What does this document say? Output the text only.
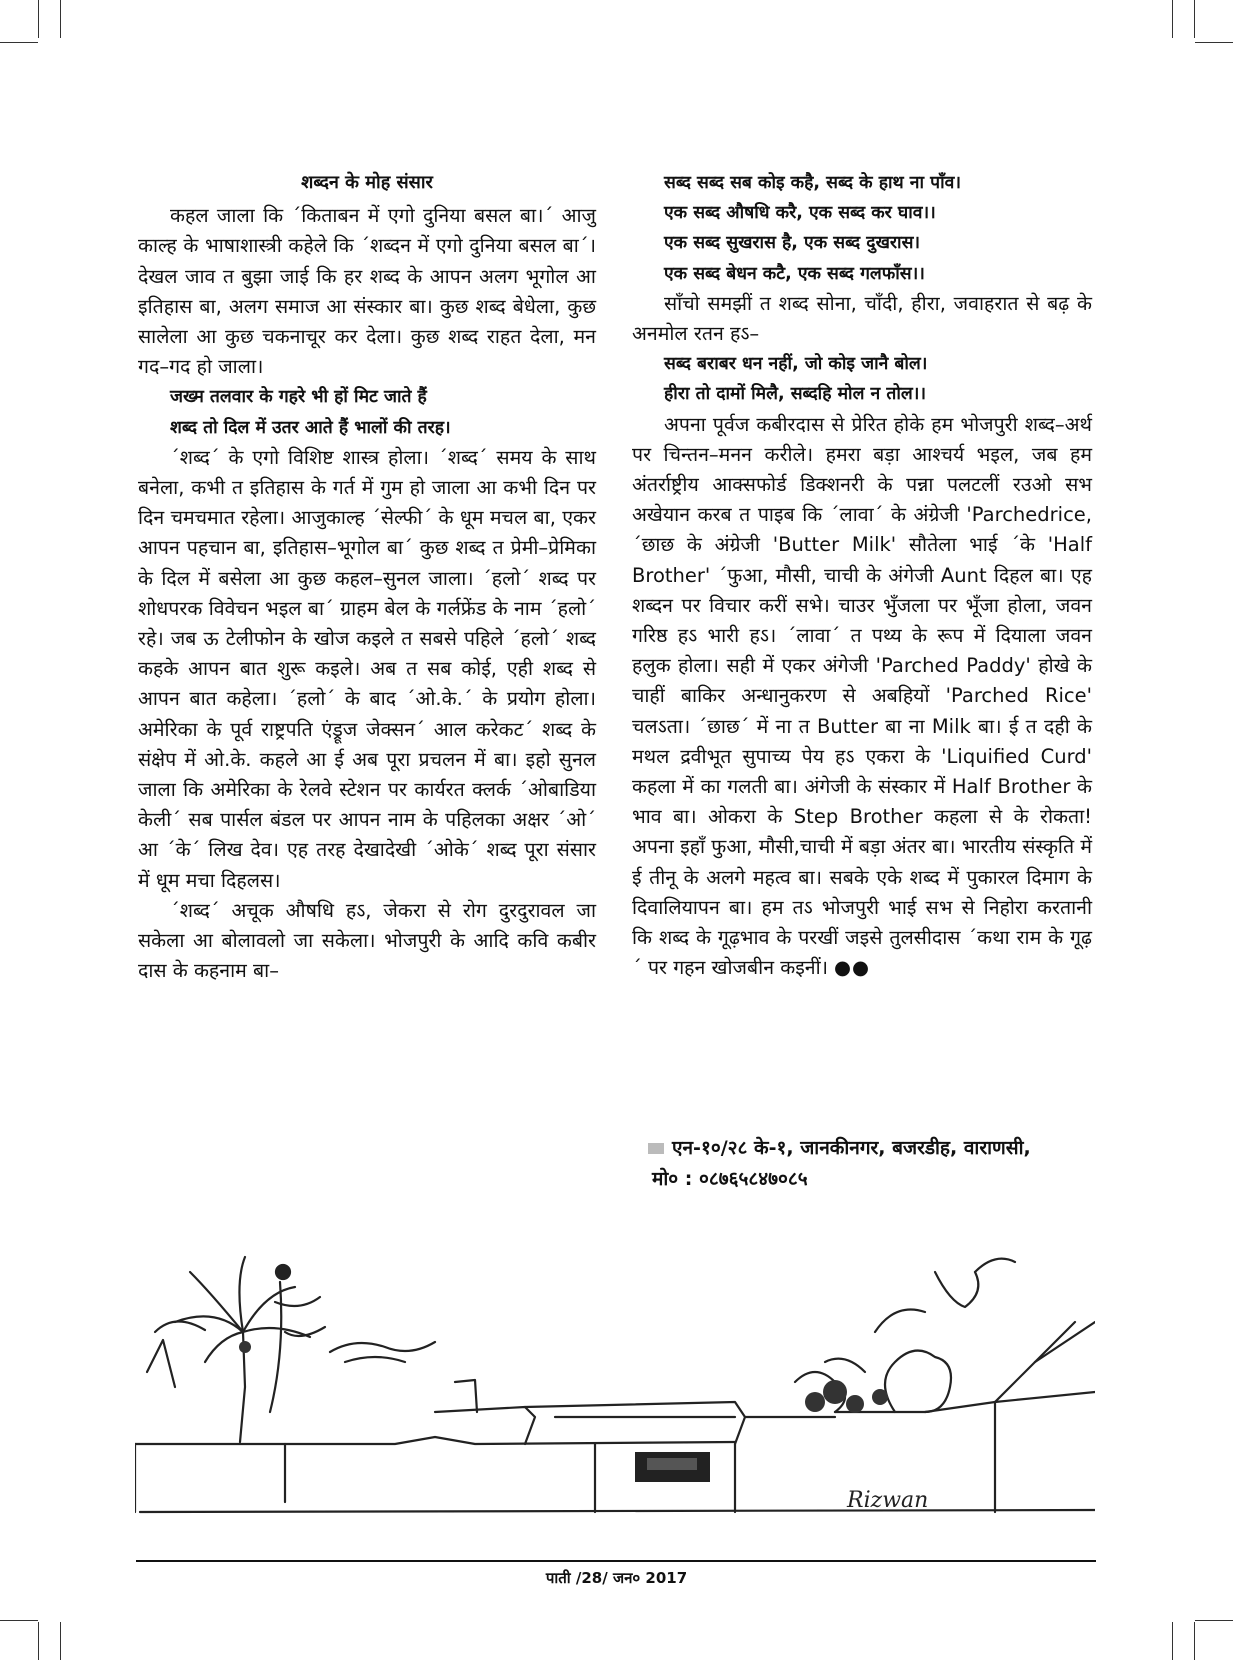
शब्दन के मोह संसार

कहल जाला कि ´किताबन में एगो दुनिया बसल बा।´ आजु काल्ह के भाषाशास्त्री कहेले कि ´शब्दन में एगो दुनिया बसल बा´। देखल जाव त बुझा जाई कि हर शब्द के आपन अलग भूगोल आ इतिहास बा, अलग समाज आ संस्कार बा। कुछ शब्द बेधेला, कुछ सालेला आ कुछ चकनाचूर कर देला। कुछ शब्द राहत देला, मन गद–गद हो जाला।

जख्म तलवार के गहरे भी हों मिट जाते हैं

शब्द तो दिल में उतर आते हैं भालों की तरह।

´शब्द´ के एगो विशिष्ट शास्त्र होला। ´शब्द´ समय के साथ बनेला, कभी त इतिहास के गर्त में गुम हो जाला आ कभी दिन पर दिन चमचमात रहेला। आजुकाल्ह ´सेल्फी´ के धूम मचल बा, एकर आपन पहचान बा, इतिहास–भूगोल बा´ कुछ शब्द त प्रेमी–प्रेमिका के दिल में बसेला आ कुछ कहल–सुनल जाला। ´हलो´ शब्द पर शोधपरक विवेचन भइल बा´ ग्राहम बेल के गर्लफ्रेंड के नाम ´हलो´ रहे। जब ऊ टेलीफोन के खोज कइले त सबसे पहिले ´हलो´ शब्द कहके आपन बात शुरू कइले। अब त सब कोई, एही शब्द से आपन बात कहेला। ´हलो´ के बाद ´ओ.के.´ के प्रयोग होला। अमेरिका के पूर्व राष्ट्रपति एंड्रूज जेक्सन´ आल करेकट´ शब्द के संक्षेप में ओ.के. कहले आ ई अब पूरा प्रचलन में बा। इहो सुनल जाला कि अमेरिका के रेलवे स्टेशन पर कार्यरत क्लर्क ´ओबाडिया केली´ सब पार्सल बंडल पर आपन नाम के पहिलका अक्षर ´ओ´ आ ´के´ लिख देव। एह तरह देखादेखी ´ओके´ शब्द पूरा संसार में धूम मचा दिहलस।

´शब्द´ अचूक औषधि हऽ, जेकरा से रोग दुरदुरावल जा सकेला आ बोलावलो जा सकेला। भोजपुरी के आदि कवि कबीर दास के कहनाम बा–

सब्द सब्द सब कोइ कहै, सब्द के हाथ ना पाँव।

एक सब्द औषधि करै, एक सब्द कर घाव।।

एक सब्द सुखरास है, एक सब्द दुखरास।

एक सब्द बेधन कटै, एक सब्द गलफाँस।।

साँचो समझीं त शब्द सोना, चाँदी, हीरा, जवाहरात से बढ़ के अनमोल रतन हऽ–

सब्द बराबर धन नहीं, जो कोइ जानै बोल।

हीरा तो दामों मिलै, सब्दहि मोल न तोल।।

अपना पूर्वज कबीरदास से प्रेरित होके हम भोजपुरी शब्द–अर्थ पर चिन्तन–मनन करीले। हमरा बड़ा आश्चर्य भइल, जब हम अंतर्राष्ट्रीय आक्सफोर्ड डिक्शनरी के पन्ना पलटलीं रउओ सभ अखेयान करब त पाइब कि ´लावा´ के अंग्रेजी 'Parchedrice, ´छाछ के अंग्रेजी 'Butter Milk' सौतेला भाई ´के 'Half Brother' ´फुआ, मौसी, चाची के अंगेजी Aunt दिहल बा। एह शब्दन पर विचार करीं सभे। चाउर भुँजला पर भूँजा होला, जवन गरिष्ठ हऽ भारी हऽ। ´लावा´ त पथ्य के रूप में दियाला जवन हलुक होला। सही में एकर अंगेजी 'Parched Paddy' होखे के चाहीं बाकिर अन्धानुकरण से अबहियों 'Parched Rice' चलऽता। ´छाछ´ में ना त Butter बा ना Milk बा। ई त दही के मथल द्रवीभूत सुपाच्य पेय हऽ एकरा के 'Liquified Curd' कहला में का गलती बा। अंगेजी के संस्कार में Half Brother के भाव बा। ओकरा के Step Brother कहला से के रोकता! अपना इहाँ फुआ, मौसी,चाची में बड़ा अंतर बा। भारतीय संस्कृति में ई तीनू के अलगे महत्व बा। सबके एके शब्द में पुकारल दिमाग के दिवालियापन बा। हम तऽ भोजपुरी भाई सभ से निहोरा करतानी कि शब्द के गूढ़भाव के परखीं जइसे तुलसीदास ´कथा राम के गूढ़´ पर गहन खोजबीन कइनीं। ●●

एन-१०/२८ के-१, जानकीनगर, बजरडीह, वाराणसी,
मो० : ०८७६५८४७०८५
Rizwan
पाती /28/ जन० 2017
